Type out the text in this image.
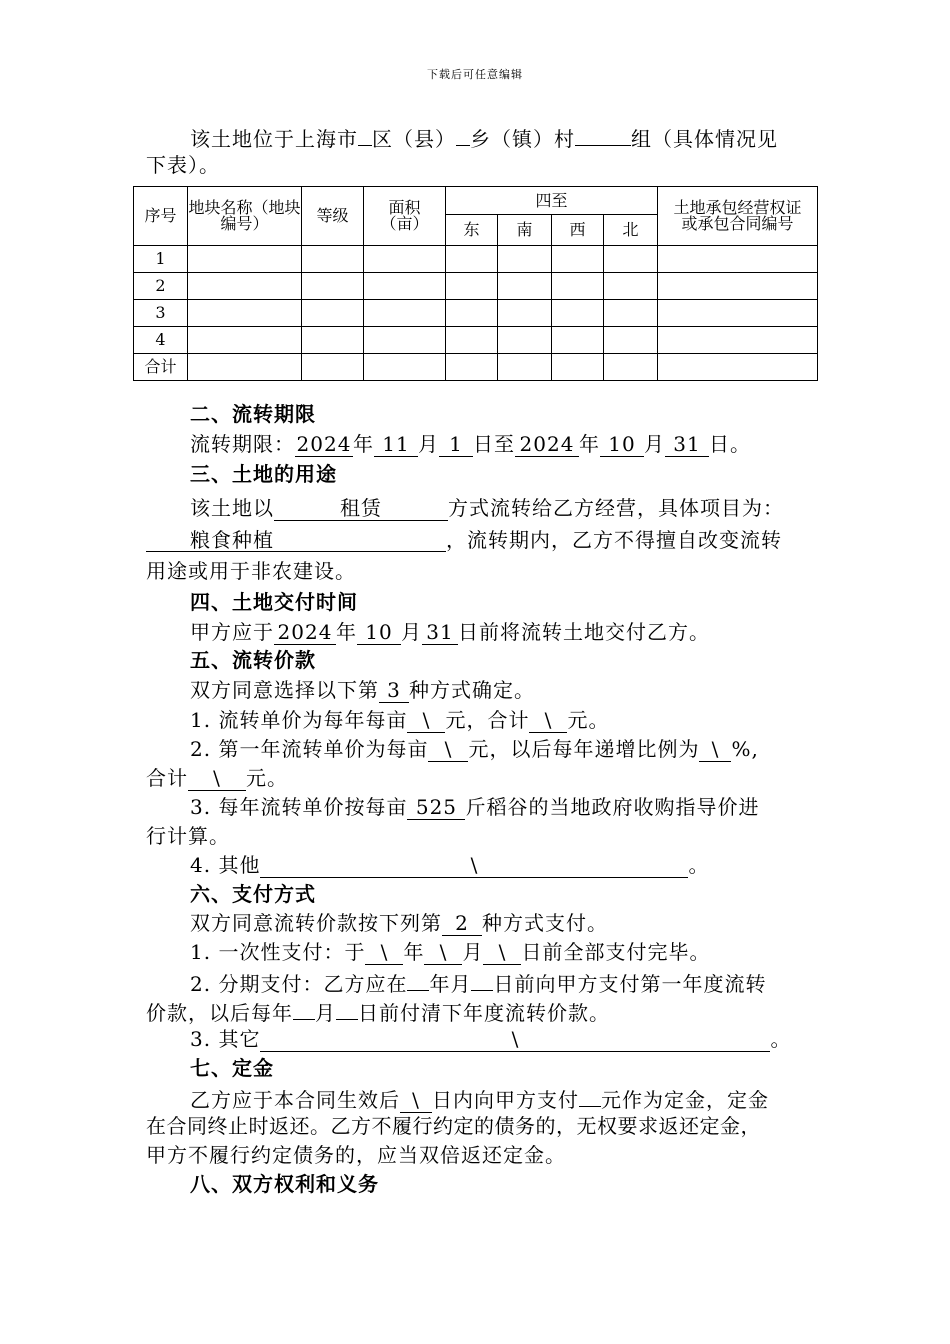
下载后可任意编辑
该土地位于上海市 区（县） 乡（镇）村	组（具体情况见
下表）。
序号	地块名称（地块编号）	等级	面积（亩）	四至				土地承包经营权证或承包合同编号
				东	南	西	北	
1								
2								
3								
4								
合计								
二、流转期限
流转期限：2024年 11 月 1 日至 2024 年 10 月 31 日。
三、土地的用途
该土地以	租赁	方式流转给乙方经营，具体项目为：
粮食种植	，流转期内，乙方不得擅自改变流转
用途或用于非农建设。
四、土地交付时间
甲方应于 2024 年 10 月 31 日前将流转土地交付乙方。
五、流转价款
双方同意选择以下第 3 种方式确定。
1. 流转单价为每年每亩 \ 元，合计 \ 元。
2. 第一年流转单价为每亩 \ 元，以后每年递增比例为 \ %,
合计 \ 元。
3. 每年流转单价按每亩 525 斤稻谷的当地政府收购指导价进
行计算。
4. 其他	\	。
六、支付方式
双方同意流转价款按下列第 2 种方式支付。
1. 一次性支付：于 \ 年 \ 月 \ 日前全部支付完毕。
2. 分期支付：乙方应在 年月 日前向甲方支付第一年度流转
价款，以后每年 月 日前付清下年度流转价款。
3. 其它	\	。
七、定金
乙方应于本合同生效后 \ 日内向甲方支付 元作为定金，定金
在合同终止时返还。乙方不履行约定的债务的，无权要求返还定金，
甲方不履行约定债务的，应当双倍返还定金。
八、双方权利和义务
